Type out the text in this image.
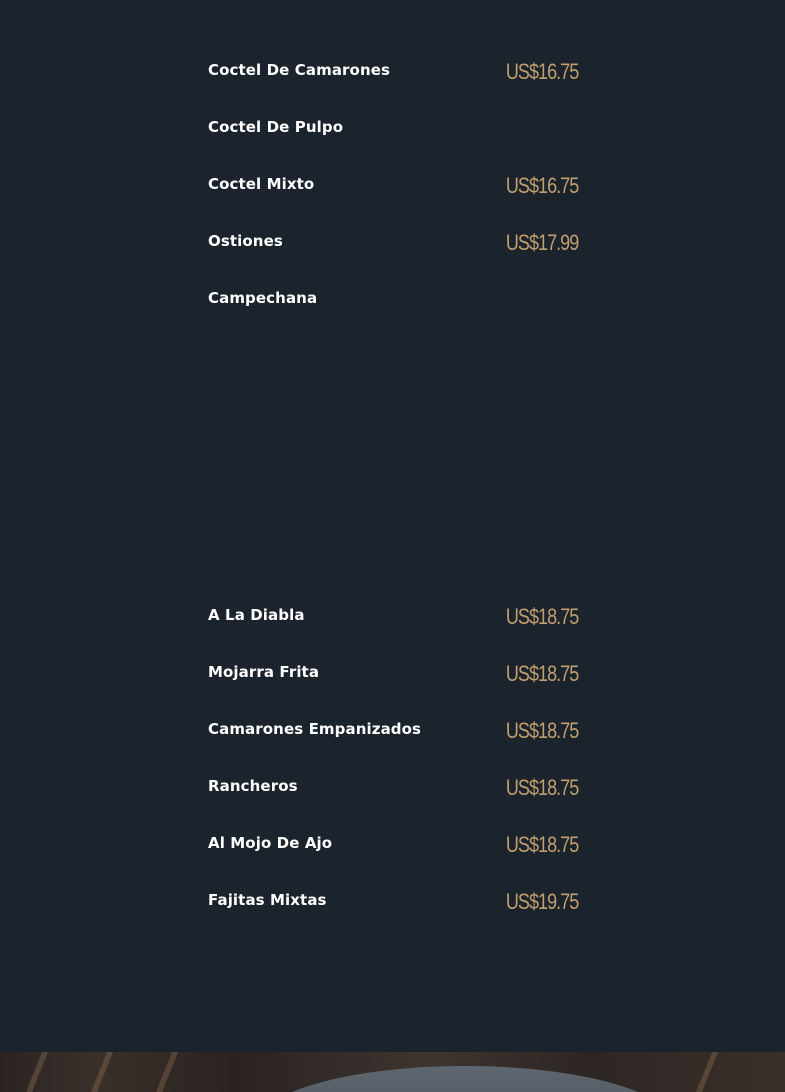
Coctel De Camarones	US$16.75
Coctel De Pulpo
Coctel Mixto	US$16.75
Ostiones	US$17.99
Campechana
A La Diabla	US$18.75
Mojarra Frita	US$18.75
Camarones Empanizados	US$18.75
Rancheros	US$18.75
Al Mojo De Ajo	US$18.75
Fajitas Mixtas	US$19.75
